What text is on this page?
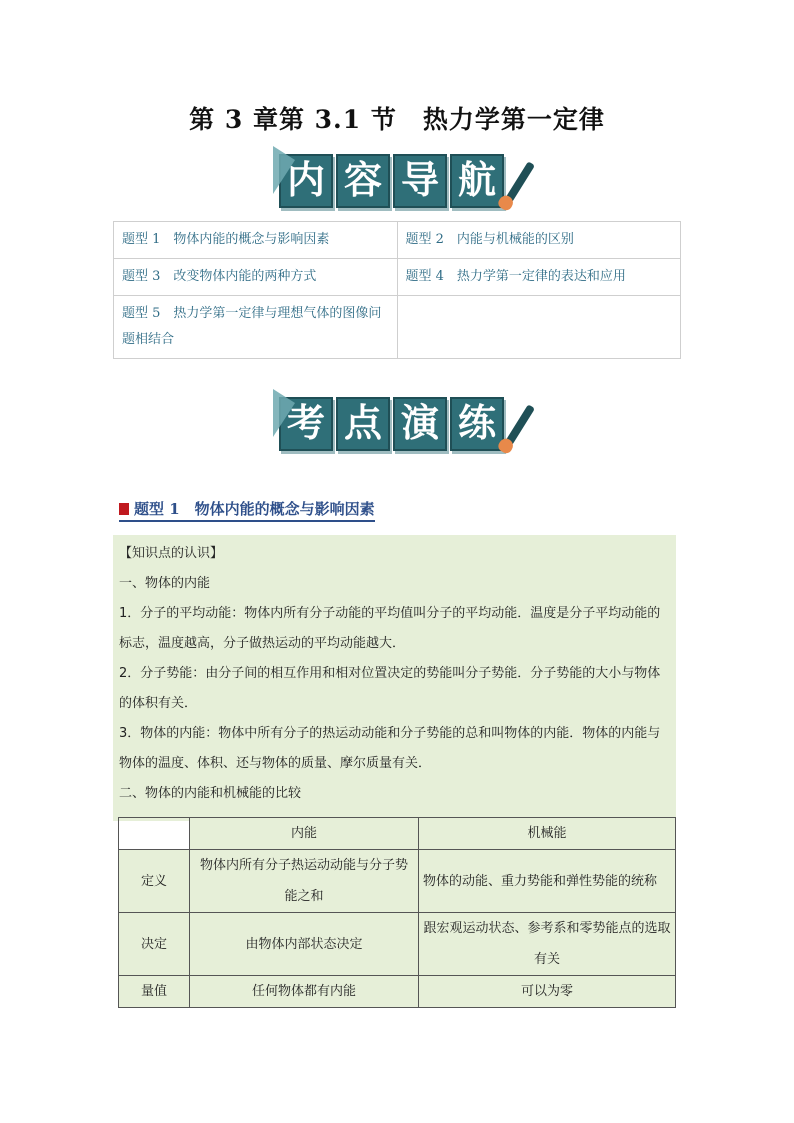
第 3 章第 3.1 节　热力学第一定律
内 容 导 航
题型 1　物体内能的概念与影响因素	题型 2　内能与机械能的区别
题型 3　改变物体内能的两种方式	题型 4　热力学第一定律的表达和应用
题型 5　热力学第一定律与理想气体的图像问题相结合	
考 点 演 练
题型 1　物体内能的概念与影响因素

【知识点的认识】

一、物体的内能

1．分子的平均动能：物体内所有分子动能的平均值叫分子的平均动能．温度是分子平均动能的标志，温度越高，分子做热运动的平均动能越大．

2．分子势能：由分子间的相互作用和相对位置决定的势能叫分子势能．分子势能的大小与物体的体积有关．

3．物体的内能：物体中所有分子的热运动动能和分子势能的总和叫物体的内能．物体的内能与物体的温度、体积、还与物体的质量、摩尔质量有关．

二、物体的内能和机械能的比较

	内能	机械能
定义	物体内所有分子热运动动能与分子势能之和	物体的动能、重力势能和弹性势能的统称
决定	由物体内部状态决定	跟宏观运动状态、参考系和零势能点的选取有关
量值	任何物体都有内能	可以为零
